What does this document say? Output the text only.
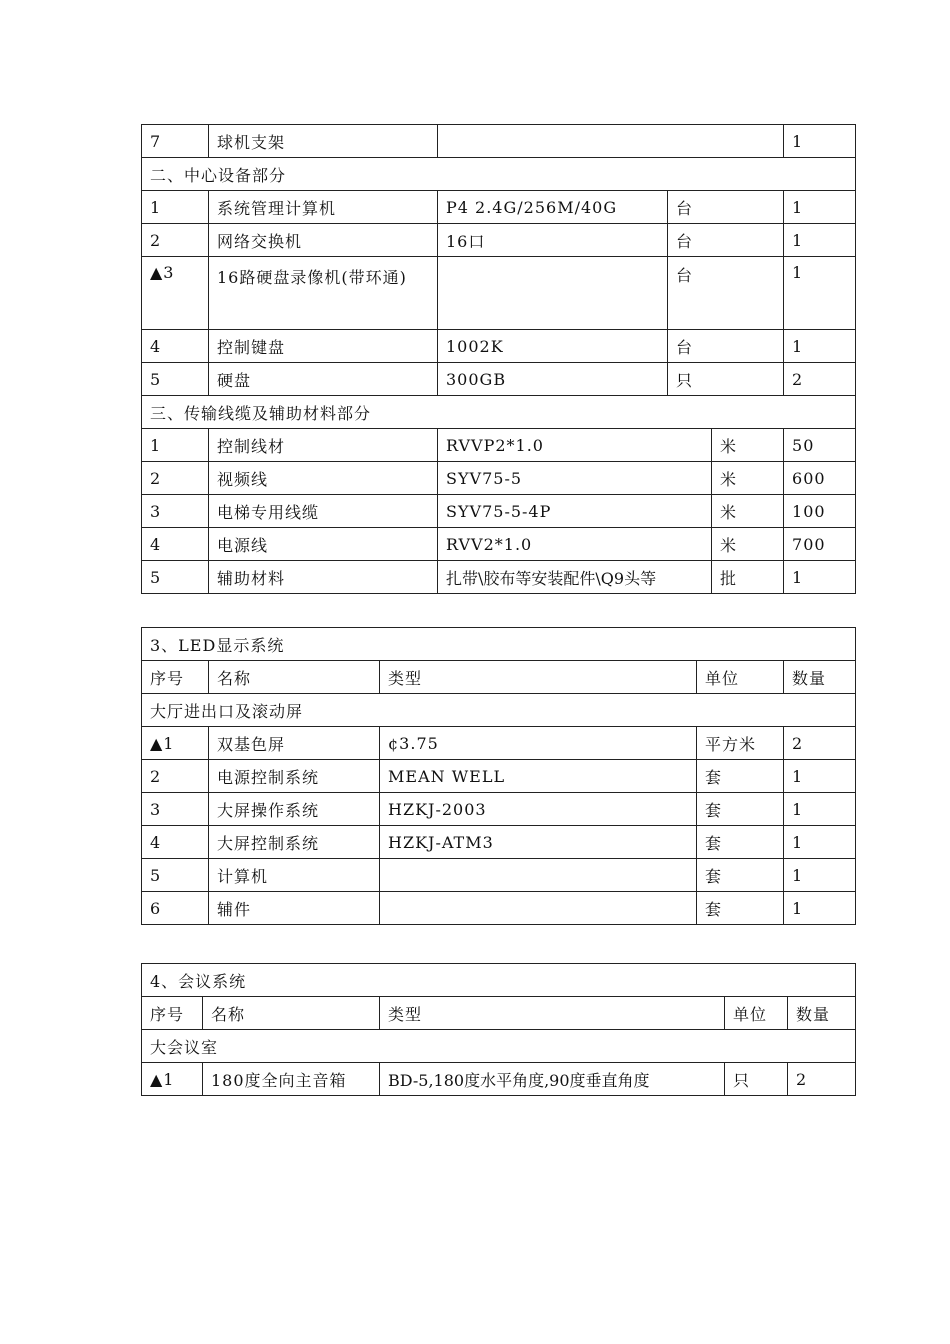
7	球机支架				1
二、中心设备部分					
1	系统管理计算机	P4 2.4G/256M/40G	台		1
2	网络交换机	16口	台		1
▲3	16路硬盘录像机(带环通)		台		1
4	控制键盘	1002K	台		1
5	硬盘	300GB	只		2
三、传输线缆及辅助材料部分					
1	控制线材	RVVP2*1.0		米	50
2	视频线	SYV75-5		米	600
3	电梯专用线缆	SYV75-5-4P		米	100
4	电源线	RVV2*1.0		米	700
5	辅助材料	扎带\胶布等安装配件\Q9头等		批	1
3、LED显示系统				
序号	名称	类型	单位	数量
大厅进出口及滚动屏				
▲1	双基色屏	¢3.75	平方米	2
2	电源控制系统	MEAN WELL	套	1
3	大屏操作系统	HZKJ-2003	套	1
4	大屏控制系统	HZKJ-ATM3	套	1
5	计算机		套	1
6	辅件		套	1
4、会议系统				
序号	名称	类型	单位	数量
大会议室				
▲1	180度全向主音箱	BD-5,180度水平角度,90度垂直角度	只	2
